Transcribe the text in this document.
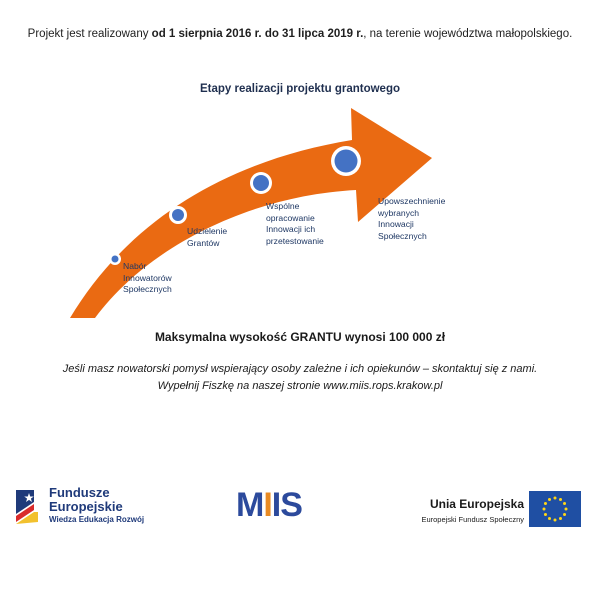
Projekt jest realizowany od 1 sierpnia 2016 r. do 31 lipca 2019 r., na terenie województwa małopolskiego.
Etapy realizacji projektu grantowego
Nabór
Innowatorów
Społecznych
Udzielenie
Grantów
Wspólne
opracowanie
Innowacji ich
przetestowanie
Upowszechnienie
wybranych
Innowacji
Społecznych
Maksymalna wysokość GRANTU wynosi 100 000 zł
Jeśli masz nowatorski pomysł wspierający osoby zależne i ich opiekunów – skontaktuj się z nami.
Wypełnij Fiszkę na naszej stronie www.miis.rops.krakow.pl
Fundusze
Europejskie
Wiedza Edukacja Rozwój	MIIS	Unia Europejska
Europejski Fundusz Społeczny
